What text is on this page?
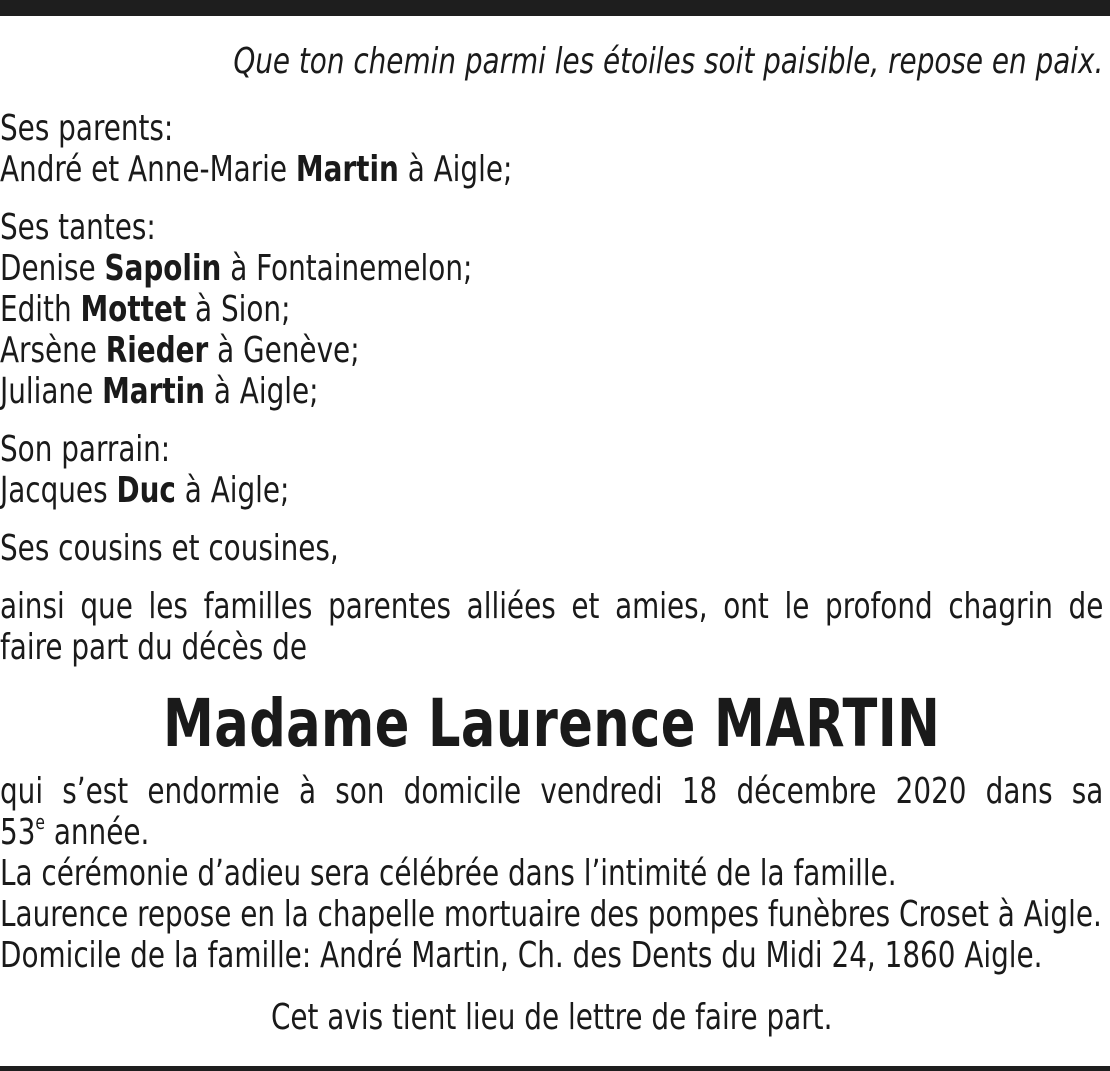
Que ton chemin parmi les étoiles soit paisible, repose en paix.
Ses parents:
André et Anne-Marie Martin à Aigle;
Ses tantes:
Denise Sapolin à Fontainemelon;
Edith Mottet à Sion;
Arsène Rieder à Genève;
Juliane Martin à Aigle;
Son parrain:
Jacques Duc à Aigle;
Ses cousins et cousines,
ainsi que les familles parentes alliées et amies, ont le profond chagrin de
faire part du décès de
Madame Laurence MARTIN
qui s’est endormie à son domicile vendredi 18 décembre 2020 dans sa
53e année.
La cérémonie d’adieu sera célébrée dans l’intimité de la famille.
Laurence repose en la chapelle mortuaire des pompes funèbres Croset à Aigle.
Domicile de la famille: André Martin, Ch. des Dents du Midi 24, 1860 Aigle.
Cet avis tient lieu de lettre de faire part.
